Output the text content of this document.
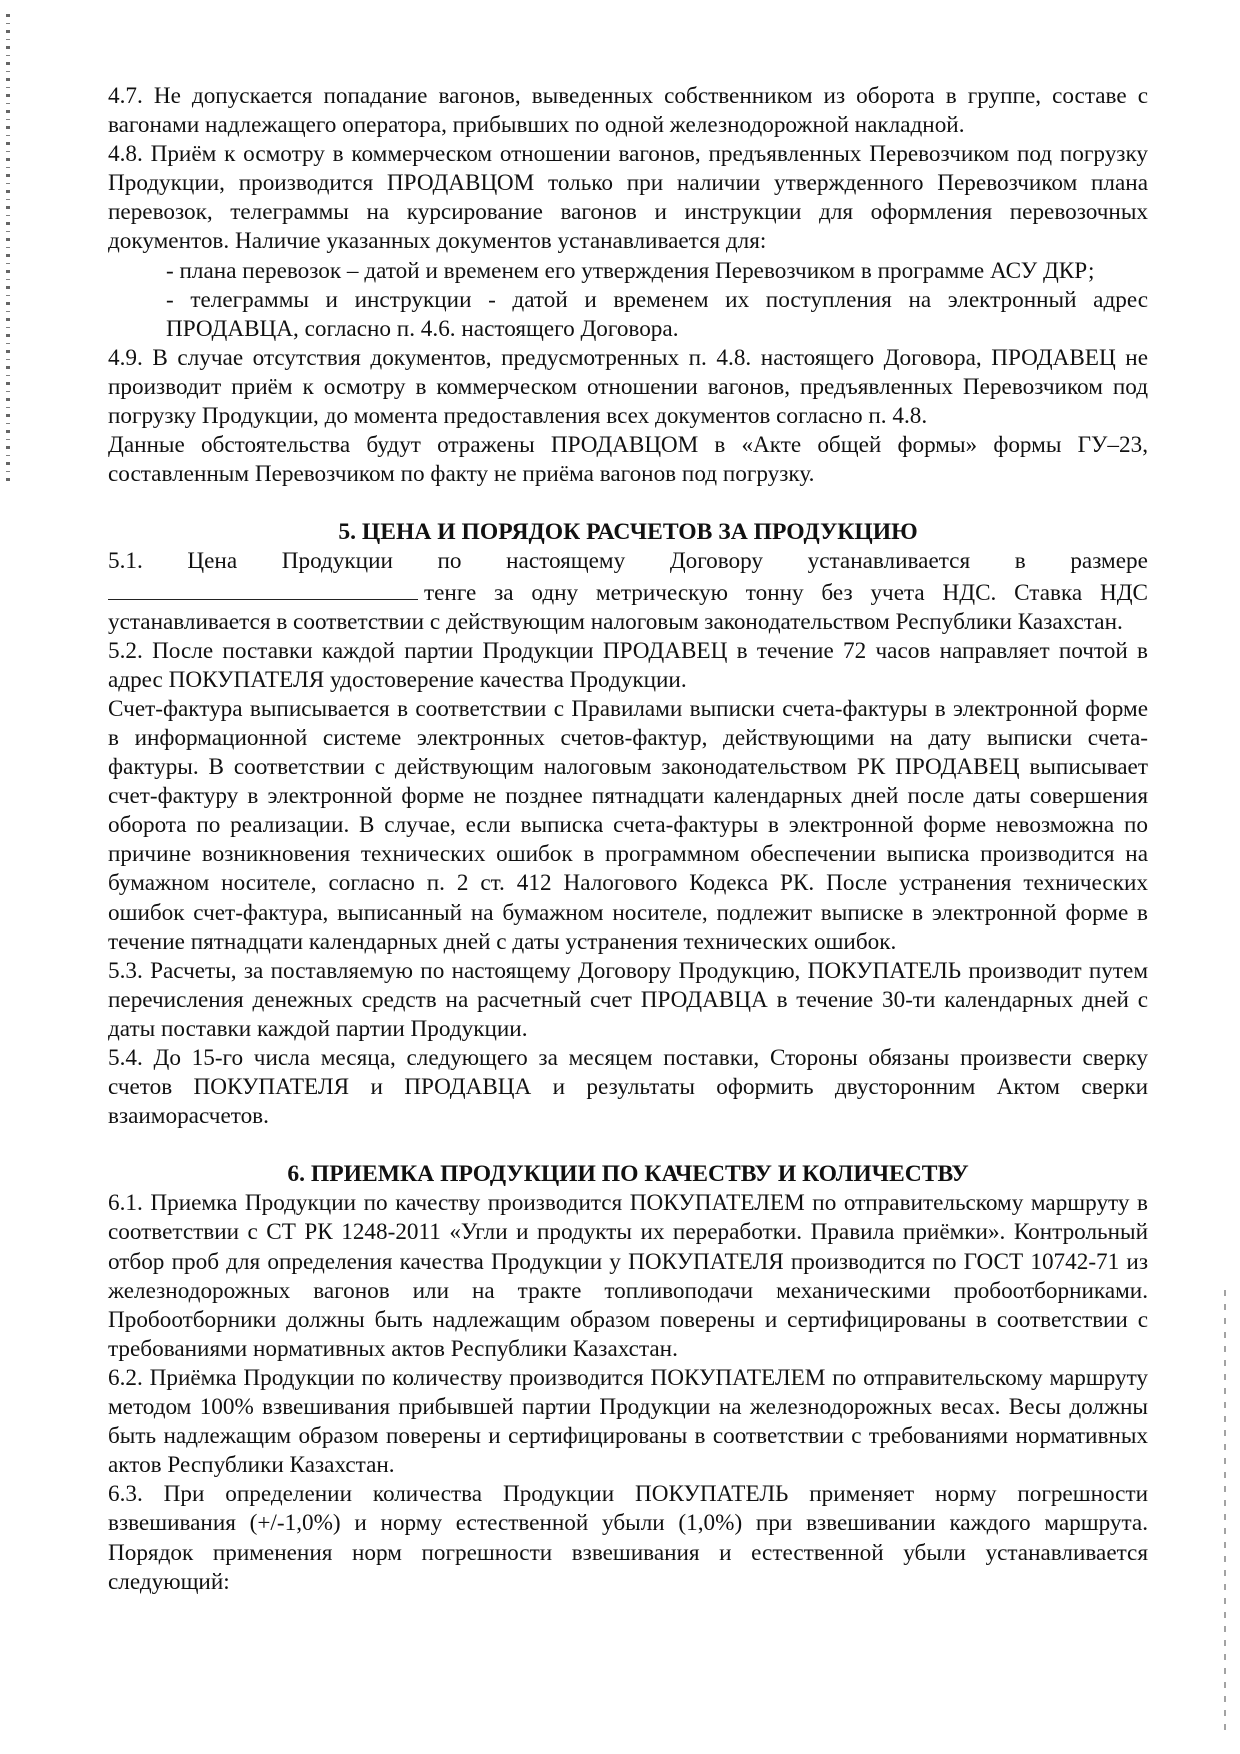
4.7. Не допускается попадание вагонов, выведенных собственником из оборота в группе, составе с вагонами надлежащего оператора, прибывших по одной железнодорожной накладной.

4.8. Приём к осмотру в коммерческом отношении вагонов, предъявленных Перевозчиком под погрузку Продукции, производится ПРОДАВЦОМ только при наличии утвержденного Перевозчиком плана перевозок, телеграммы на курсирование вагонов и инструкции для оформления перевозочных документов. Наличие указанных документов устанавливается для:

- плана перевозок – датой и временем его утверждения Перевозчиком в программе АСУ ДКР;

- телеграммы и инструкции - датой и временем их поступления на электронный адрес ПРОДАВЦА, согласно п. 4.6. настоящего Договора.

4.9. В случае отсутствия документов, предусмотренных п. 4.8. настоящего Договора, ПРОДАВЕЦ не производит приём к осмотру в коммерческом отношении вагонов, предъявленных Перевозчиком под погрузку Продукции, до момента предоставления всех документов согласно п. 4.8.

Данные обстоятельства будут отражены ПРОДАВЦОМ в «Акте общей формы» формы ГУ–23, составленным Перевозчиком по факту не приёма вагонов под погрузку.

5. ЦЕНА И ПОРЯДОК РАСЧЕТОВ ЗА ПРОДУКЦИЮ

5.1. Цена Продукции по настоящему Договору устанавливается в размере

тенге за одну метрическую тонну без учета НДС. Ставка НДС устанавливается в соответствии с действующим налоговым законодательством Республики Казахстан.

5.2. После поставки каждой партии Продукции ПРОДАВЕЦ в течение 72 часов направляет почтой в адрес ПОКУПАТЕЛЯ удостоверение качества Продукции.

Счет-фактура выписывается в соответствии с Правилами выписки счета-фактуры в электронной форме в информационной системе электронных счетов-фактур, действующими на дату выписки счета-фактуры. В соответствии с действующим налоговым законодательством РК ПРОДАВЕЦ выписывает счет-фактуру в электронной форме не позднее пятнадцати календарных дней после даты совершения оборота по реализации. В случае, если выписка счета-фактуры в электронной форме невозможна по причине возникновения технических ошибок в программном обеспечении выписка производится на бумажном носителе, согласно п. 2 ст. 412 Налогового Кодекса РК. После устранения технических ошибок счет-фактура, выписанный на бумажном носителе, подлежит выписке в электронной форме в течение пятнадцати календарных дней с даты устранения технических ошибок.

5.3. Расчеты, за поставляемую по настоящему Договору Продукцию, ПОКУПАТЕЛЬ производит путем перечисления денежных средств на расчетный счет ПРОДАВЦА в течение 30-ти календарных дней с даты поставки каждой партии Продукции.

5.4. До 15-го числа месяца, следующего за месяцем поставки, Стороны обязаны произвести сверку счетов ПОКУПАТЕЛЯ и ПРОДАВЦА и результаты оформить двусторонним Актом сверки взаиморасчетов.

6. ПРИЕМКА ПРОДУКЦИИ ПО КАЧЕСТВУ И КОЛИЧЕСТВУ

6.1. Приемка Продукции по качеству производится ПОКУПАТЕЛЕМ по отправительскому маршруту в соответствии с СТ РК 1248-2011 «Угли и продукты их переработки. Правила приёмки». Контрольный отбор проб для определения качества Продукции у ПОКУПАТЕЛЯ производится по ГОСТ 10742-71 из железнодорожных вагонов или на тракте топливоподачи механическими пробоотборниками. Пробоотборники должны быть надлежащим образом поверены и сертифицированы в соответствии с требованиями нормативных актов Республики Казахстан.

6.2. Приёмка Продукции по количеству производится ПОКУПАТЕЛЕМ по отправительскому маршруту методом 100% взвешивания прибывшей партии Продукции на железнодорожных весах. Весы должны быть надлежащим образом поверены и сертифицированы в соответствии с требованиями нормативных актов Республики Казахстан.

6.3. При определении количества Продукции ПОКУПАТЕЛЬ применяет норму погрешности взвешивания (+/-1,0%) и норму естественной убыли (1,0%) при взвешивании каждого маршрута. Порядок применения норм погрешности взвешивания и естественной убыли устанавливается следующий:
